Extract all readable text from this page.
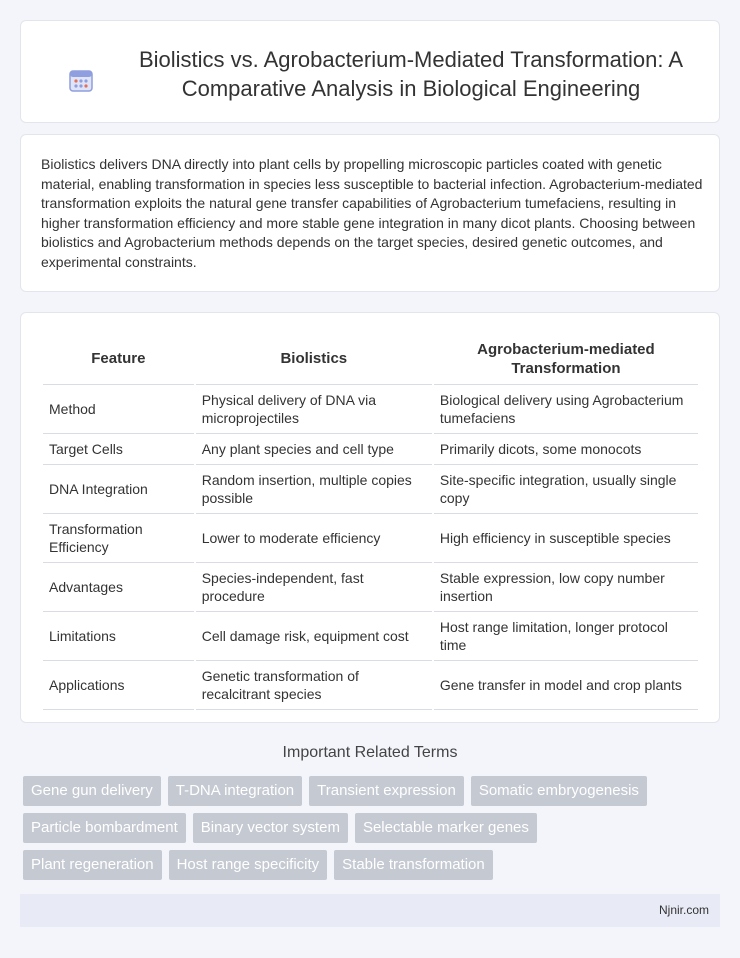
Biolistics vs. Agrobacterium-Mediated Transformation: A Comparative Analysis in Biological Engineering

Biolistics delivers DNA directly into plant cells by propelling microscopic particles coated with genetic material, enabling transformation in species less susceptible to bacterial infection. Agrobacterium-mediated transformation exploits the natural gene transfer capabilities of Agrobacterium tumefaciens, resulting in higher transformation efficiency and more stable gene integration in many dicot plants. Choosing between biolistics and Agrobacterium methods depends on the target species, desired genetic outcomes, and experimental constraints.

Feature	Biolistics	Agrobacterium-mediated Transformation
Method	Physical delivery of DNA via microprojectiles	Biological delivery using Agrobacterium tumefaciens
Target Cells	Any plant species and cell type	Primarily dicots, some monocots
DNA Integration	Random insertion, multiple copies possible	Site-specific integration, usually single copy
Transformation Efficiency	Lower to moderate efficiency	High efficiency in susceptible species
Advantages	Species-independent, fast procedure	Stable expression, low copy number insertion
Limitations	Cell damage risk, equipment cost	Host range limitation, longer protocol time
Applications	Genetic transformation of recalcitrant species	Gene transfer in model and crop plants
Important Related Terms
Gene gun delivery	T-DNA integration	Transient expression	Somatic embryogenesis
Particle bombardment	Binary vector system	Selectable marker genes
Plant regeneration	Host range specificity	Stable transformation
Njnir.com
